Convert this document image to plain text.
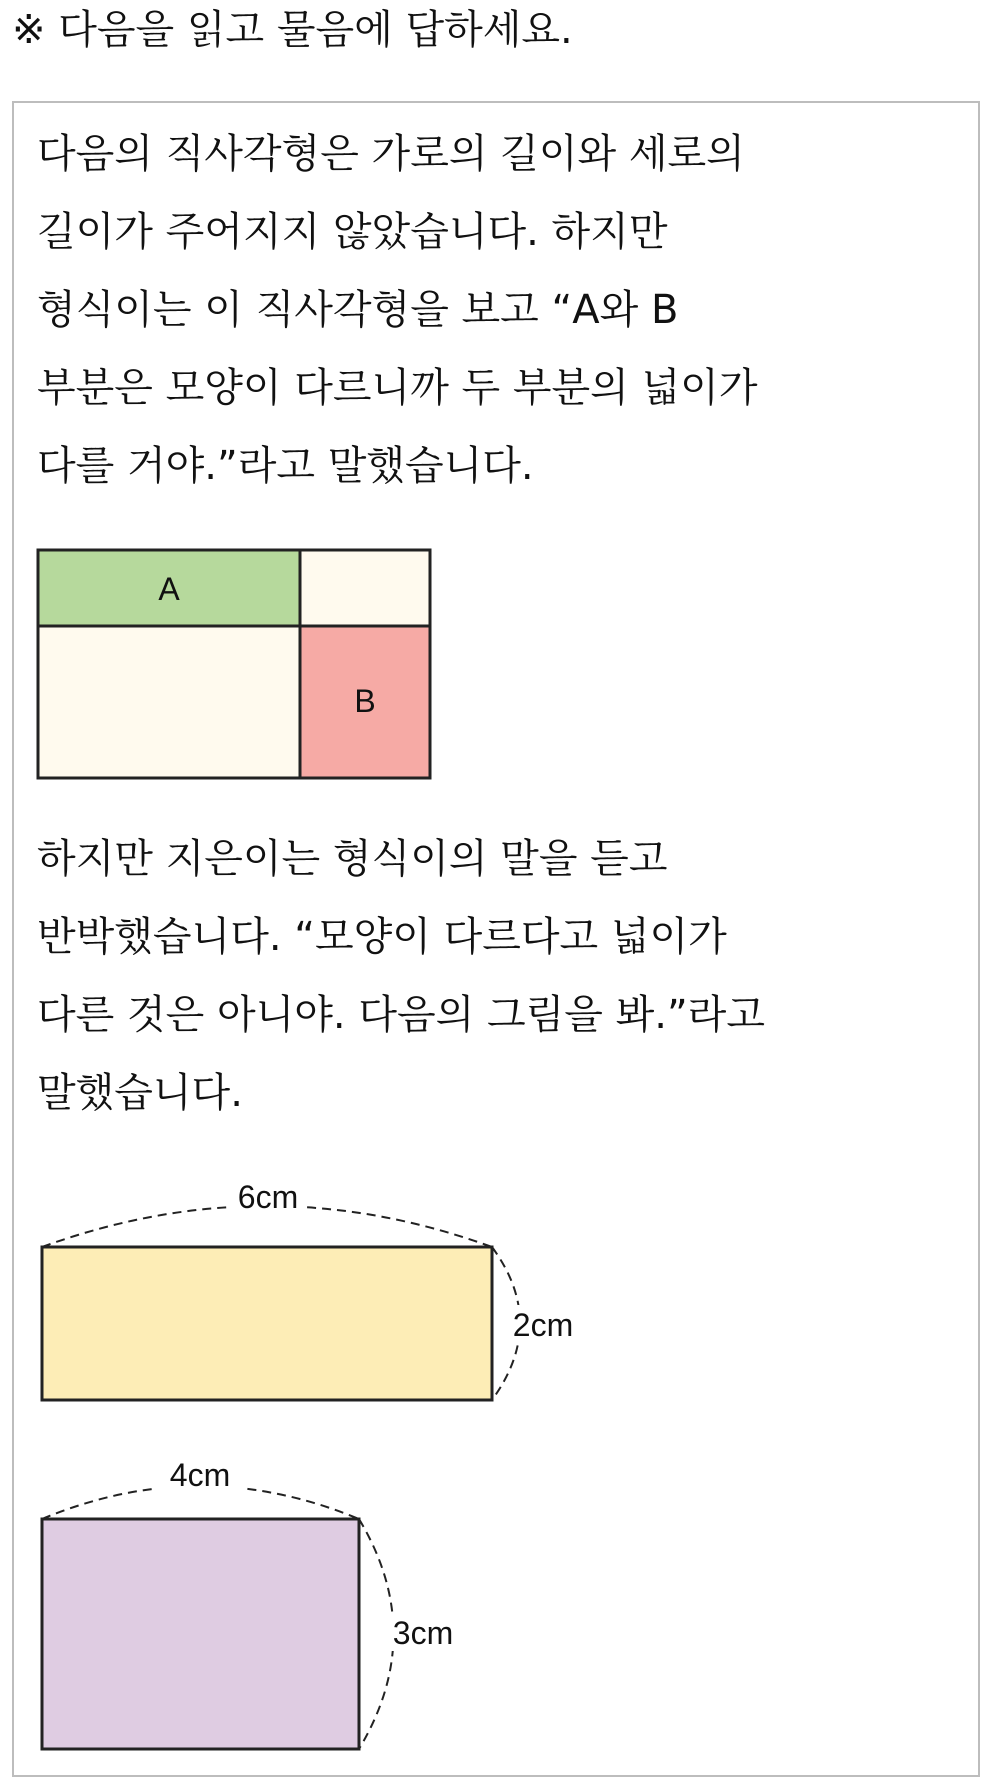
※ 다음을 읽고 물음에 답하세요.

다음의 직사각형은 가로의 길이와 세로의
길이가 주어지지 않았습니다. 하지만
형식이는 이 직사각형을 보고 “A와 B
부분은 모양이 다르니까 두 부분의 넓이가
다를 거야.”라고 말했습니다.

A
B

하지만 지은이는 형식이의 말을 듣고
반박했습니다. “모양이 다르다고 넓이가
다른 것은 아니야. 다음의 그림을 봐.”라고
말했습니다.

6cm
2cm
4cm
3cm
